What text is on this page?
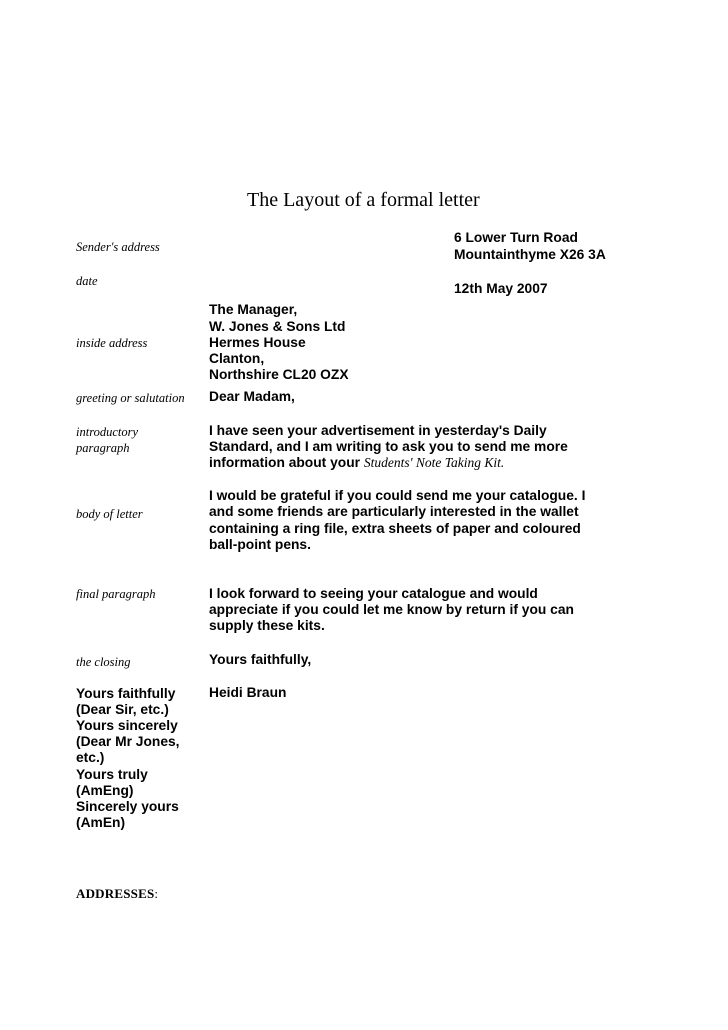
The Layout of a formal letter
Sender's address
date
inside address
greeting or salutation
introductory
paragraph
body of letter
final paragraph
the closing
6 Lower Turn Road
Mountainthyme X26 3A
12th May 2007
The Manager,
W. Jones & Sons Ltd
Hermes House
Clanton,
Northshire CL20 OZX
Dear Madam,
I have seen your advertisement in yesterday's Daily
Standard, and I am writing to ask you to send me more
information about your Students' Note Taking Kit.
I would be grateful if you could send me your catalogue. I
and some friends are particularly interested in the wallet
containing a ring file, extra sheets of paper and coloured
ball-point pens.
I look forward to seeing your catalogue and would
appreciate if you could let me know by return if you can
supply these kits.
Yours faithfully,
Heidi Braun
Yours faithfully
(Dear Sir, etc.)
Yours sincerely
(Dear Mr Jones,
etc.)
Yours truly
(AmEng)
Sincerely yours
(AmEn)
ADDRESSES:
